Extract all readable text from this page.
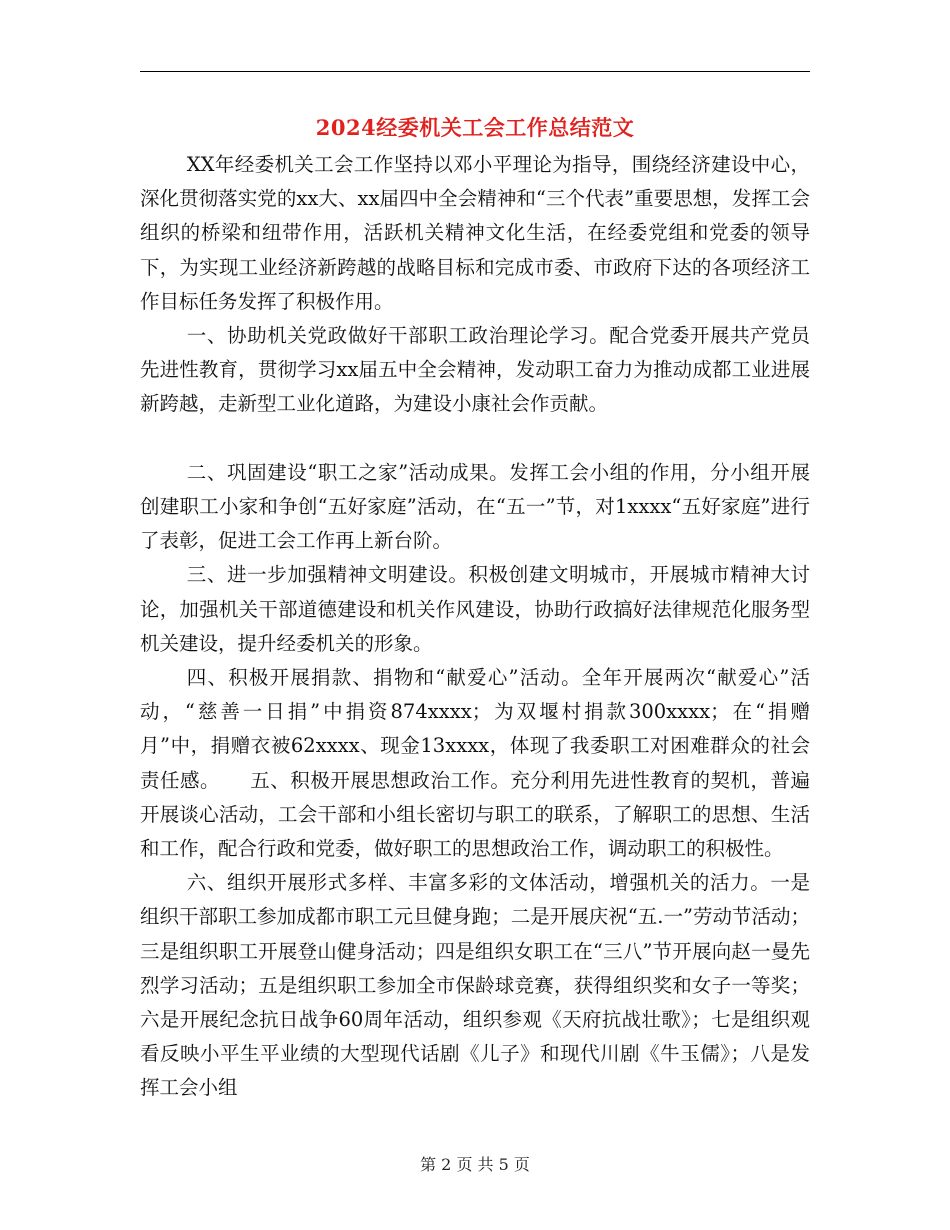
2024经委机关工会工作总结范文

XX年经委机关工会工作坚持以邓小平理论为指导，围绕经济建设中心，深化贯彻落实党的xx大、xx届四中全会精神和“三个代表”重要思想，发挥工会组织的桥梁和纽带作用，活跃机关精神文化生活，在经委党组和党委的领导下，为实现工业经济新跨越的战略目标和完成市委、市政府下达的各项经济工作目标任务发挥了积极作用。

一、协助机关党政做好干部职工政治理论学习。配合党委开展共产党员先进性教育，贯彻学习xx届五中全会精神，发动职工奋力为推动成都工业进展新跨越，走新型工业化道路，为建设小康社会作贡献。

二、巩固建设“职工之家”活动成果。发挥工会小组的作用，分小组开展创建职工小家和争创“五好家庭”活动，在“五一”节，对1xxxx“五好家庭”进行了表彰，促进工会工作再上新台阶。

三、进一步加强精神文明建设。积极创建文明城市，开展城市精神大讨论，加强机关干部道德建设和机关作风建设，协助行政搞好法律规范化服务型机关建设，提升经委机关的形象。

四、积极开展捐款、捐物和“献爱心”活动。全年开展两次“献爱心”活动，“慈善一日捐”中捐资874xxxx；为双堰村捐款300xxxx；在“捐赠月”中，捐赠衣被62xxxx、现金13xxxx，体现了我委职工对困难群众的社会责任感。　　五、积极开展思想政治工作。充分利用先进性教育的契机，普遍开展谈心活动，工会干部和小组长密切与职工的联系，了解职工的思想、生活和工作，配合行政和党委，做好职工的思想政治工作，调动职工的积极性。

六、组织开展形式多样、丰富多彩的文体活动，增强机关的活力。一是组织干部职工参加成都市职工元旦健身跑；二是开展庆祝“五.一”劳动节活动；三是组织职工开展登山健身活动；四是组织女职工在“三八”节开展向赵一曼先烈学习活动；五是组织职工参加全市保龄球竞赛，获得组织奖和女子一等奖；六是开展纪念抗日战争60周年活动，组织参观《天府抗战壮歌》；七是组织观看反映小平生平业绩的大型现代话剧《儿子》和现代川剧《牛玉儒》；八是发挥工会小组

第 2 页 共 5 页
